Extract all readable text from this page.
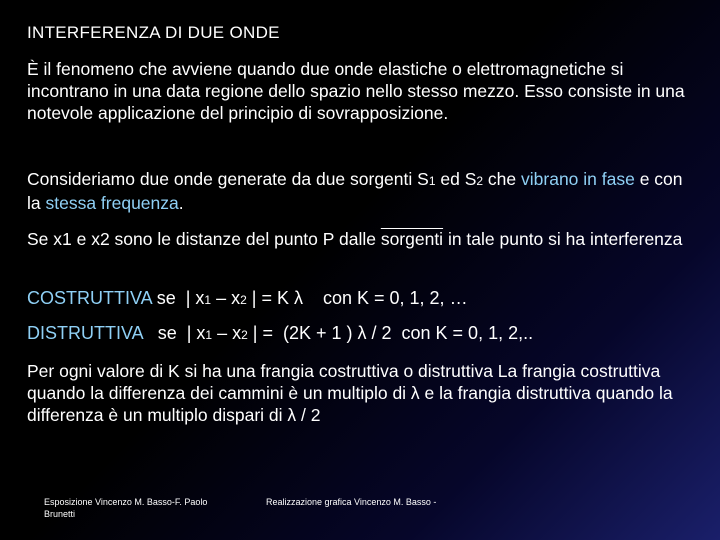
INTERFERENZA DI DUE ONDE
È il fenomeno che avviene quando due onde elastiche o elettromagnetiche si incontrano in una data regione dello spazio nello stesso mezzo. Esso consiste in una notevole applicazione del principio di sovrapposizione.
Consideriamo due onde generate da due sorgenti S1 ed S2 che vibrano in fase e con la stessa frequenza.
Se x1 e x2 sono le distanze del punto P dalle sorgenti in tale punto si ha interferenza
COSTRUTTIVA se  | x1 – x2 | = K λ    con K = 0, 1, 2, …
DISTRUTTIVA   se  | x1 – x2 | =  (2K + 1 ) λ / 2  con K = 0, 1, 2,..
Per ogni valore di K si ha una frangia costruttiva o distruttiva La frangia costruttiva quando la differenza dei cammini è un multiplo di λ e la frangia distruttiva quando la differenza è un multiplo dispari di λ / 2
Esposizione Vincenzo M. Basso-F. Paolo Brunetti
Realizzazione grafica Vincenzo M. Basso -
